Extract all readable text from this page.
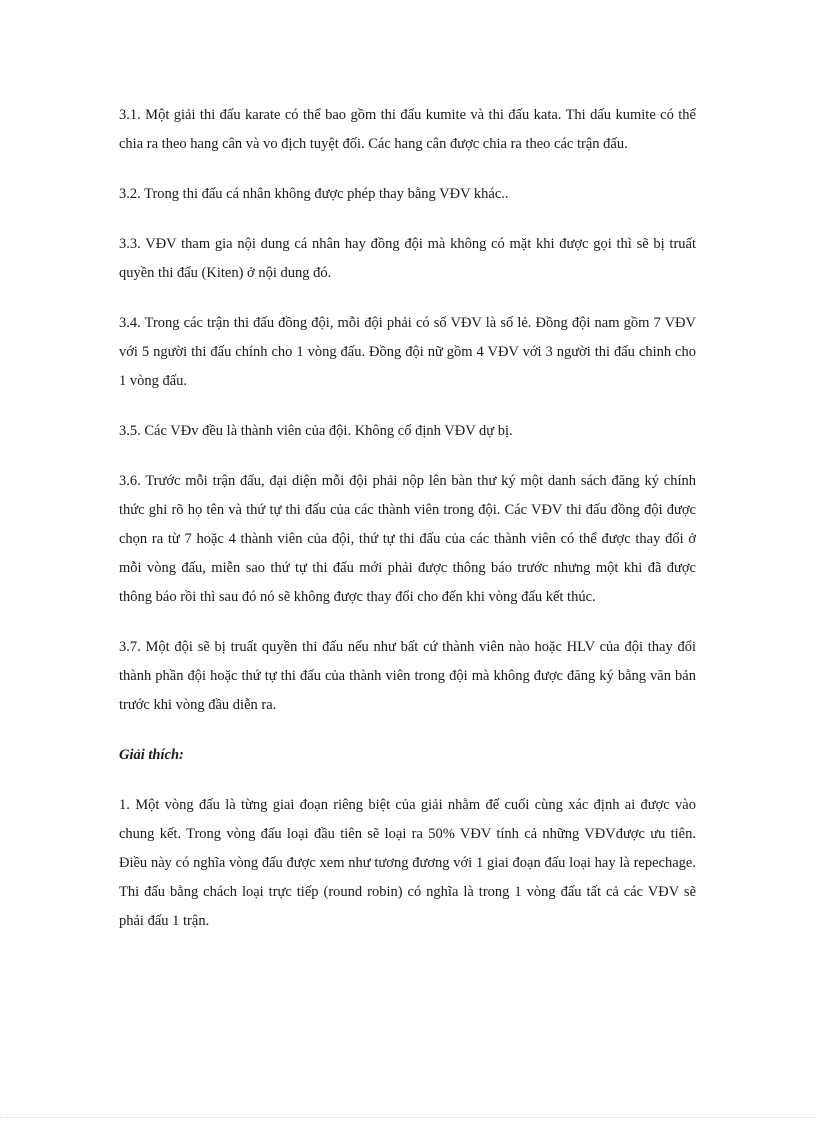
3.1. Một giải thi đấu karate có thể bao gồm thi đấu kumite và thi đấu kata. Thi dấu kumite có thể chia ra theo hang cân và vo địch tuyệt đối. Các hang cân được chia ra theo các trận đấu.

3.2. Trong thi đấu cá nhân không được phép thay bằng VĐV khác..

3.3. VĐV tham gia nội dung cá nhân hay đồng đội mà không có mặt khi được gọi thì sẽ bị truất quyền thi đấu (Kiten) ở nội dung đó.

3.4. Trong các trận thi đấu đồng đội, mỗi đội phải có số VĐV là số lẻ. Đồng đội nam gồm 7 VĐV với 5 người thi đấu chính cho 1 vòng đấu. Đồng đội nữ gồm 4 VĐV với 3 người thi đấu chinh cho 1 vòng đấu.

3.5. Các VĐv đều là thành viên của đội. Không cố định VĐV dự bị.

3.6. Trước mỗi trận đấu, đại diện mỗi đội phải nộp lên bàn thư ký một danh sách đăng ký chính thức ghi rõ họ tên và thứ tự thi đấu của các thành viên trong đội. Các VĐV thi đấu đồng đội được chọn ra từ 7 hoặc 4 thành viên của đội, thứ tự thi đấu của các thành viên có thể được thay đổi ở mỗi vòng đấu, miễn sao thứ tự thi đấu mới phải được thông báo trước nhưng một khi đã được thông báo rồi thì sau đó nó sẽ không được thay đổi cho đến khi vòng đấu kết thúc.

3.7. Một đội sẽ bị truất quyền thi đấu nếu như bất cứ thành viên nào hoặc HLV của đội thay đổi thành phần đội hoặc thứ tự thi đấu của thành viên trong đội mà không được đăng ký bằng văn bản trước khi vòng đầu diễn ra.

Giải thích:

1. Một vòng đấu là từng giai đoạn riêng biệt của giải nhằm để cuối cùng xác định ai được vào chung kết. Trong vòng đấu loại đầu tiên sẽ loại ra 50% VĐV tính cả những VĐVđược ưu tiên. Điều này có nghĩa vòng đấu được xem như tương đương với 1 giai đoạn đấu loại hay là repechage. Thi đấu bằng chách loại trực tiếp (round robin) có nghĩa là trong 1 vòng đấu tất cả các VĐV sẽ phải đấu 1 trận.
